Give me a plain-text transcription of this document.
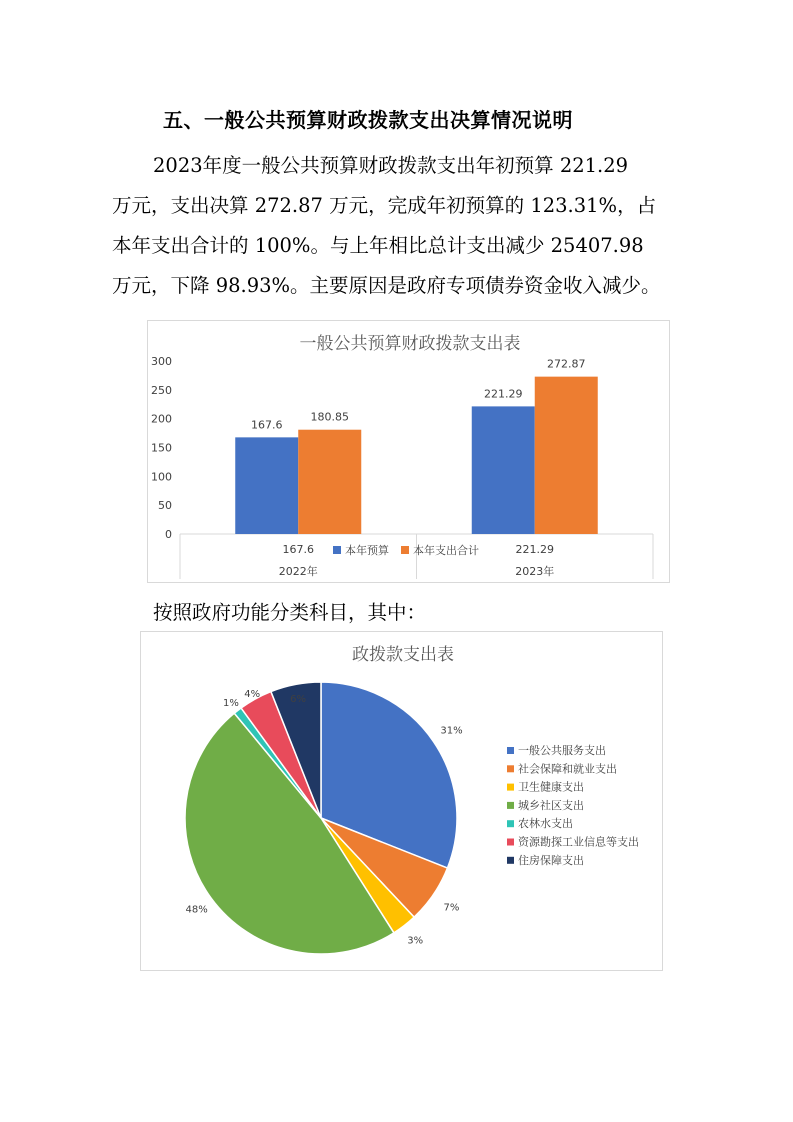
五、一般公共预算财政拨款支出决算情况说明
2023年度一般公共预算财政拨款支出年初预算 221.29
万元，支出决算 272.87 万元，完成年初预算的 123.31%，占
本年支出合计的 100%。与上年相比总计支出减少 25407.98
万元，下降 98.93%。主要原因是政府专项债券资金收入减少。
一般公共预算财政拨款支出表
0
50
100
150
200
250
300
167.6
180.85
221.29
272.87
167.6
2022年
221.29
2023年
本年预算 本年支出合计
按照政府功能分类科目，其中：
政拨款支出表
31%
7%
3%
48%
1%
4%	6%
一般公共服务支出
社会保障和就业支出
卫生健康支出
城乡社区支出
农林水支出
资源勘探工业信息等支出
住房保障支出
